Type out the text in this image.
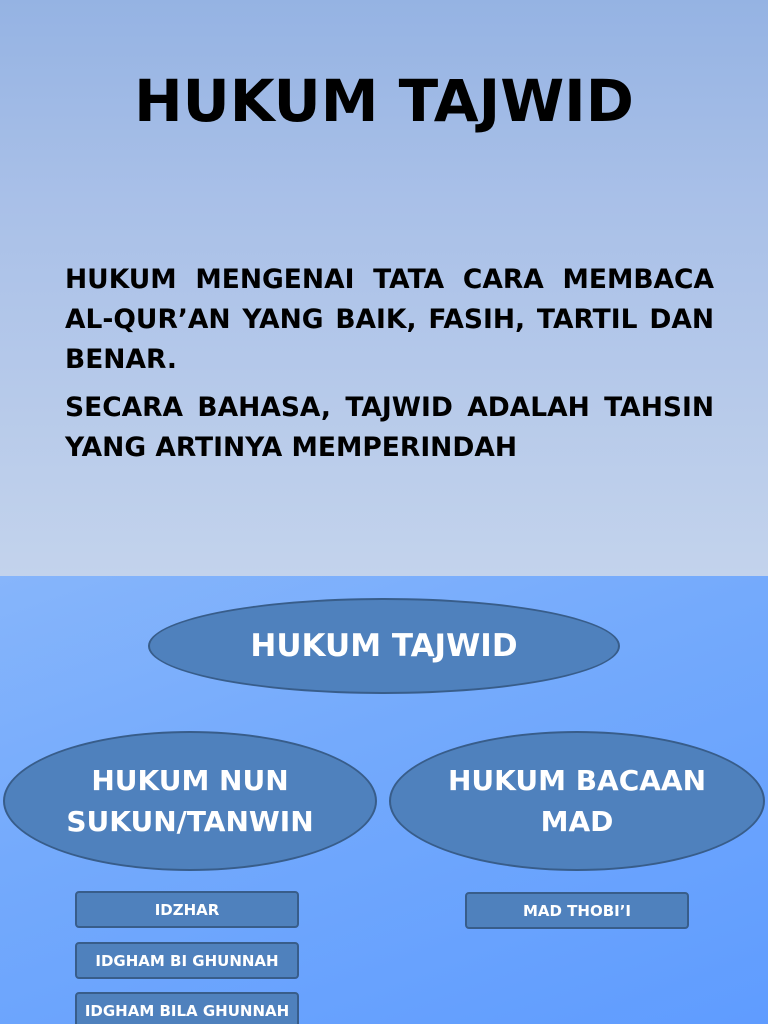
HUKUM TAJWID

HUKUM MENGENAI TATA CARA MEMBACA AL-QUR’AN YANG BAIK, FASIH, TARTIL DAN BENAR.

SECARA BAHASA, TAJWID ADALAH TAHSIN YANG ARTINYA MEMPERINDAH

HUKUM TAJWID
HUKUM NUN SUKUN/TANWIN
HUKUM BACAAN MAD
IDZHAR
IDGHAM BI GHUNNAH
IDGHAM BILA GHUNNAH
MAD THOBI’I
